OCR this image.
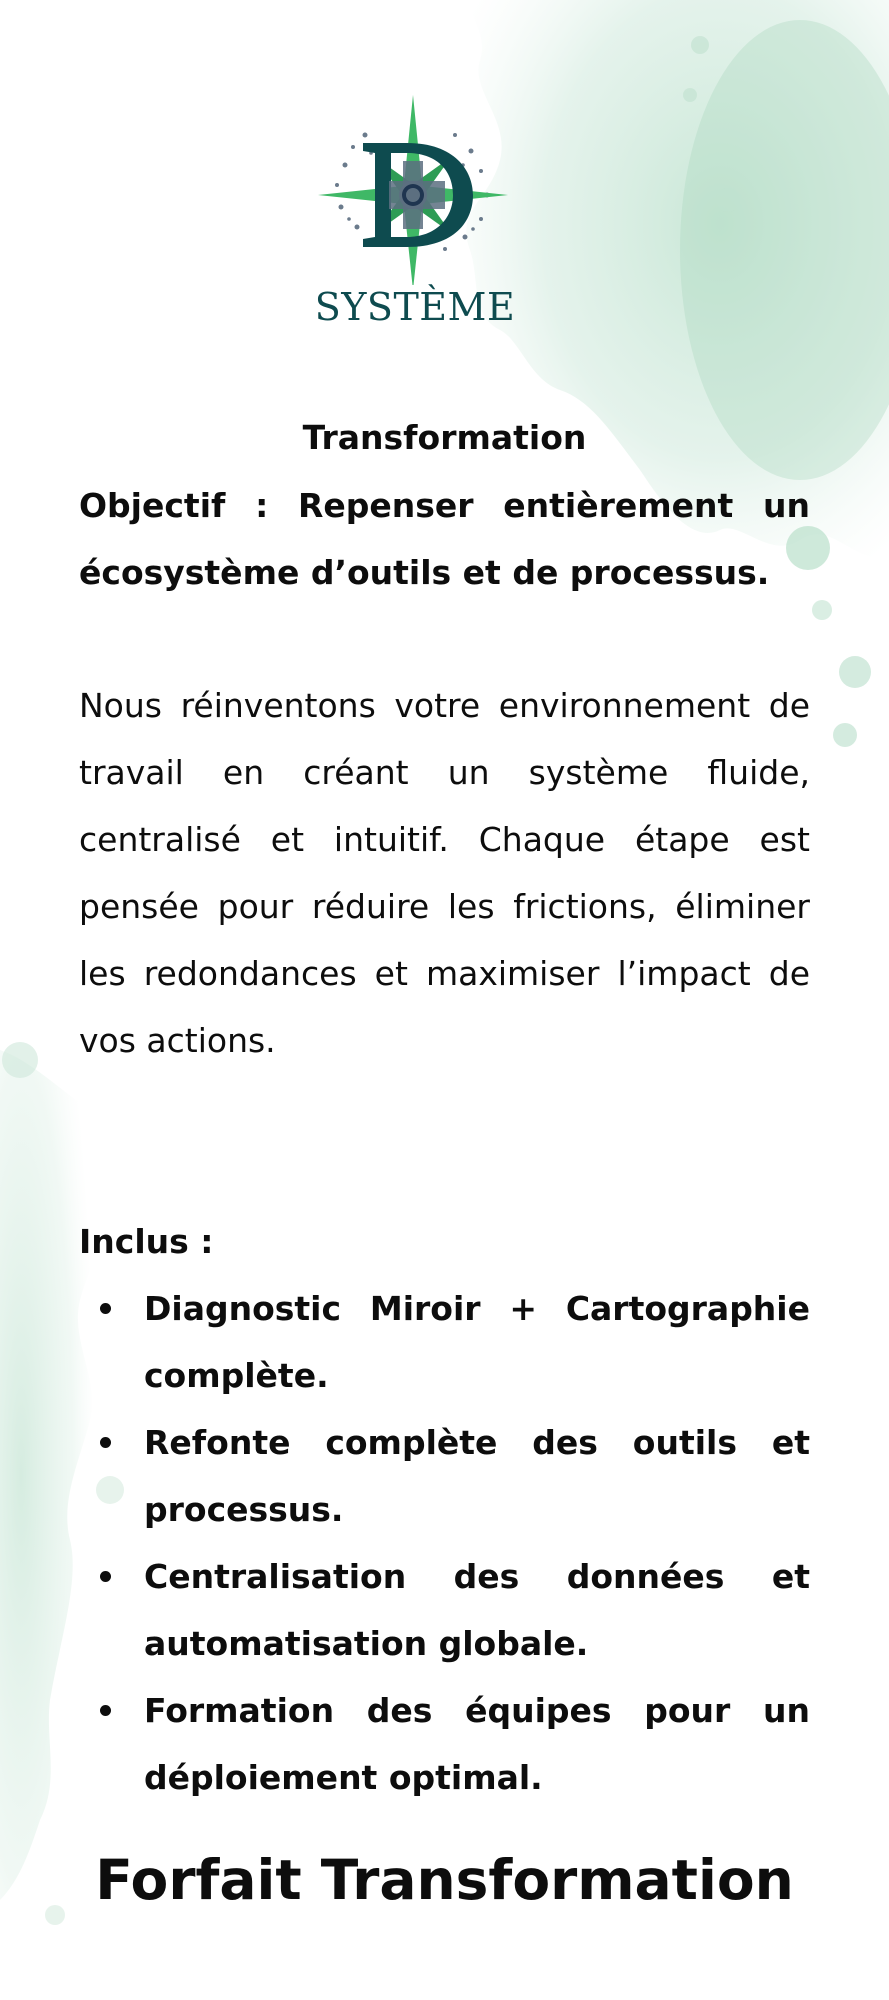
SYSTÈME
Transformation
Objectif : Repenser entièrement un écosystème d’outils et de processus.
Nous réinventons votre environnement de travail en créant un système fluide, centralisé et intuitif. Chaque étape est pensée pour réduire les frictions, éliminer les redondances et maximiser l’impact de vos actions.
Inclus :
Diagnostic Miroir + Cartographie complète.
Refonte complète des outils et processus.
Centralisation des données et automatisation globale.
Formation des équipes pour un déploiement optimal.
Forfait Transformation
